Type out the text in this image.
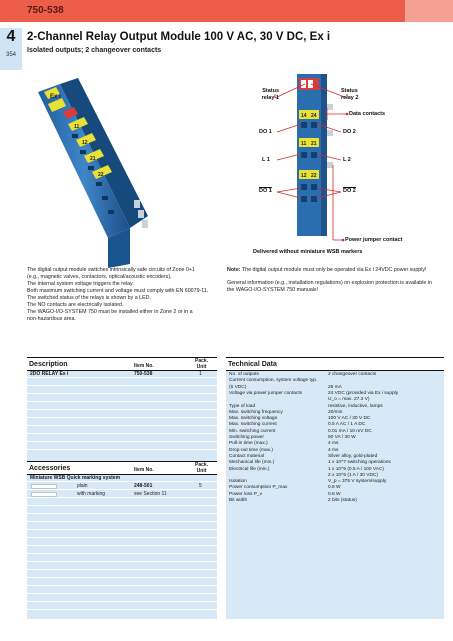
750-538
4
354
2-Channel Relay Output Module 100 V AC, 30 V DC, Ex i
Isolated outputs; 2 changeover contacts
Ex i
11
12
21
22
14 24
11 21
12 22
Status
relay 1
Status
relay 2
Data contacts
DO 1	DO 2
L 1	L 2
DO 1	DO 2
Power jumper contact
Delivered without miniature WSB markers

The digital output module switches intrinsically safe circuits of Zone 0+1

(e.g., magnetic valves, contactors, optical/acoustic encoders).

The internal system voltage triggers the relay.

Both maximum switching current and voltage must comply with EN 60079-11.

The switched status of the relays is shown by a LED.

The NO contacts are electrically isolated.

The WAGO-I/O-SYSTEM 750 must be installed either in Zone 2 or in a

non-hazardous area.

Note: The digital output module must only be operated via Ex i 24VDC power supply!

General information (e.g., installation regulations) on explosion protection is available in the WAGO-I/O-SYSTEM 750 manuals!

Description	Item No.
Pack.
Unit
2DO RELAY Ex i	750-538	1
Accessories	Item No.
Pack.
Unit
Miniature WSB Quick marking system
plain	248-501	5
with marking	see Section 11
Technical Data
No. of outputs	2 changeover contacts
Current consumption, system voltage typ.
(5 VDC)	26 mA
Voltage via power jumper contacts	24 VDC (provided via Ex i supply
U_o = max. 27.3 V)
Type of load	resistive, inductive, lamps
Max. switching frequency	20/min
Max. switching voltage	100 V AC / 30 V DC
Max. switching current	0.5 A AC / 1 A DC
Min. switching current	0.01 mA / 10 mV DC
Switching power	50 VA / 30 W
Pull-in time (max.)	4 ms
Drop-out time (max.)	4 ms
Contact material	Silver alloy, gold-plated
Mechanical life (min.)	1 x 10^7 switching operations
Electrical life (min.)	1 x 10^5 (0.5 A / 100 VAC)
2 x 10^5 (1 A / 30 VDC)
Isolation	V_p = 375 V system/supply
Power consumption P_max	0.8 W
Power loss P_v	0.8 W
Bit width	2 bits (status)
